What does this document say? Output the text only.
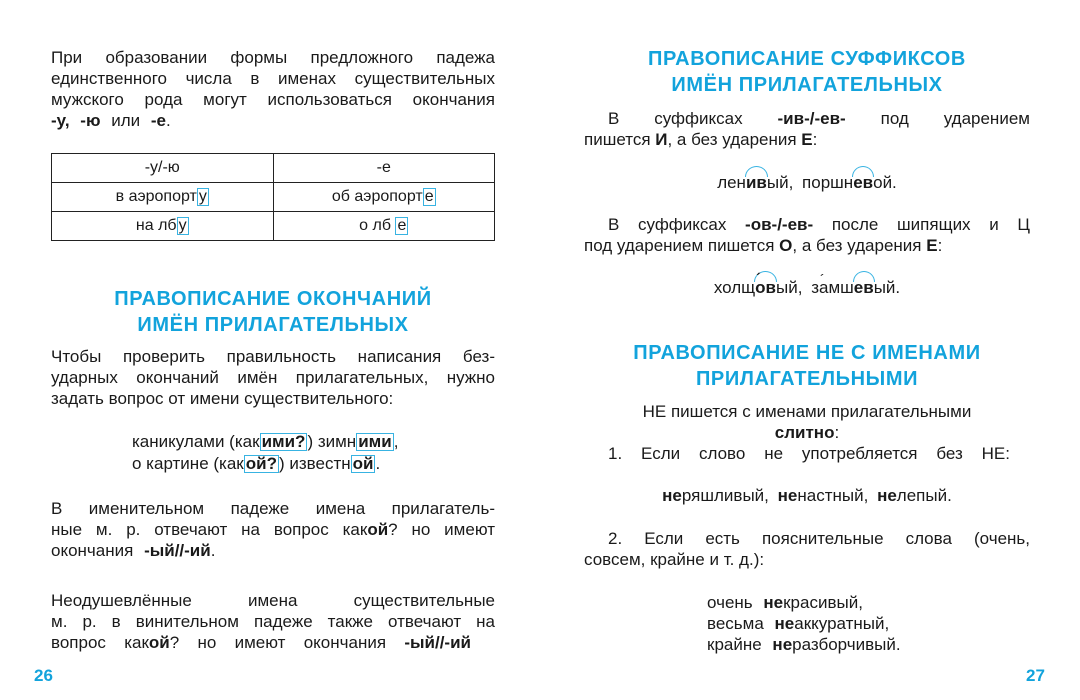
При образовании формы предложного падежа

единственного числа в именах существительных

мужского рода могут использоваться окончания

-у, -ю или -е.

-у/-ю	-е
в аэропорт у	об аэропорт е
на лб у	о лб е
ПРАВОПИСАНИЕ ОКОНЧАНИЙ
ИМЁН ПРИЛАГАТЕЛЬНЫХ

Чтобы проверить правильность написания без-

ударных окончаний имён прилагательных, нужно

задать вопрос от имени существительного:

каникулами (как ими? ) зимн ими ,

о картине (как ой? ) известн ой .

В именительном падеже имена прилагатель-

ные м. р. отвечают на вопрос какой? но имеют

окончания -ый//-ий.

Неодушевлённые имена существительные

м. р. в винительном падеже также отвечают на

вопрос какой? но имеют окончания -ый//-ий

26
ПРАВОПИСАНИЕ СУФФИКСОВ
ИМЁН ПРИЛАГАТЕЛЬНЫХ

В суффиксах -ив-/-ев- под ударением

пишется И, а без ударения Е:

ленивый, поршневой.

В суффиксах -ов-/-ев- после шипящих и Ц

под ударением пишется О, а без ударения Е:

холщов ´ый, за ´мшевый.

ПРАВОПИСАНИЕ НЕ С ИМЕНАМИ
ПРИЛАГАТЕЛЬНЫМИ

НЕ пишется с именами прилагательными

слитно:

1. Если слово не употребляется без НЕ:

неряшливый, ненастный, нелепый.

2. Если есть пояснительные слова (очень,

совсем, крайне и т. д.):

очень некрасивый,

весьма неаккуратный,

крайне неразборчивый.

27
